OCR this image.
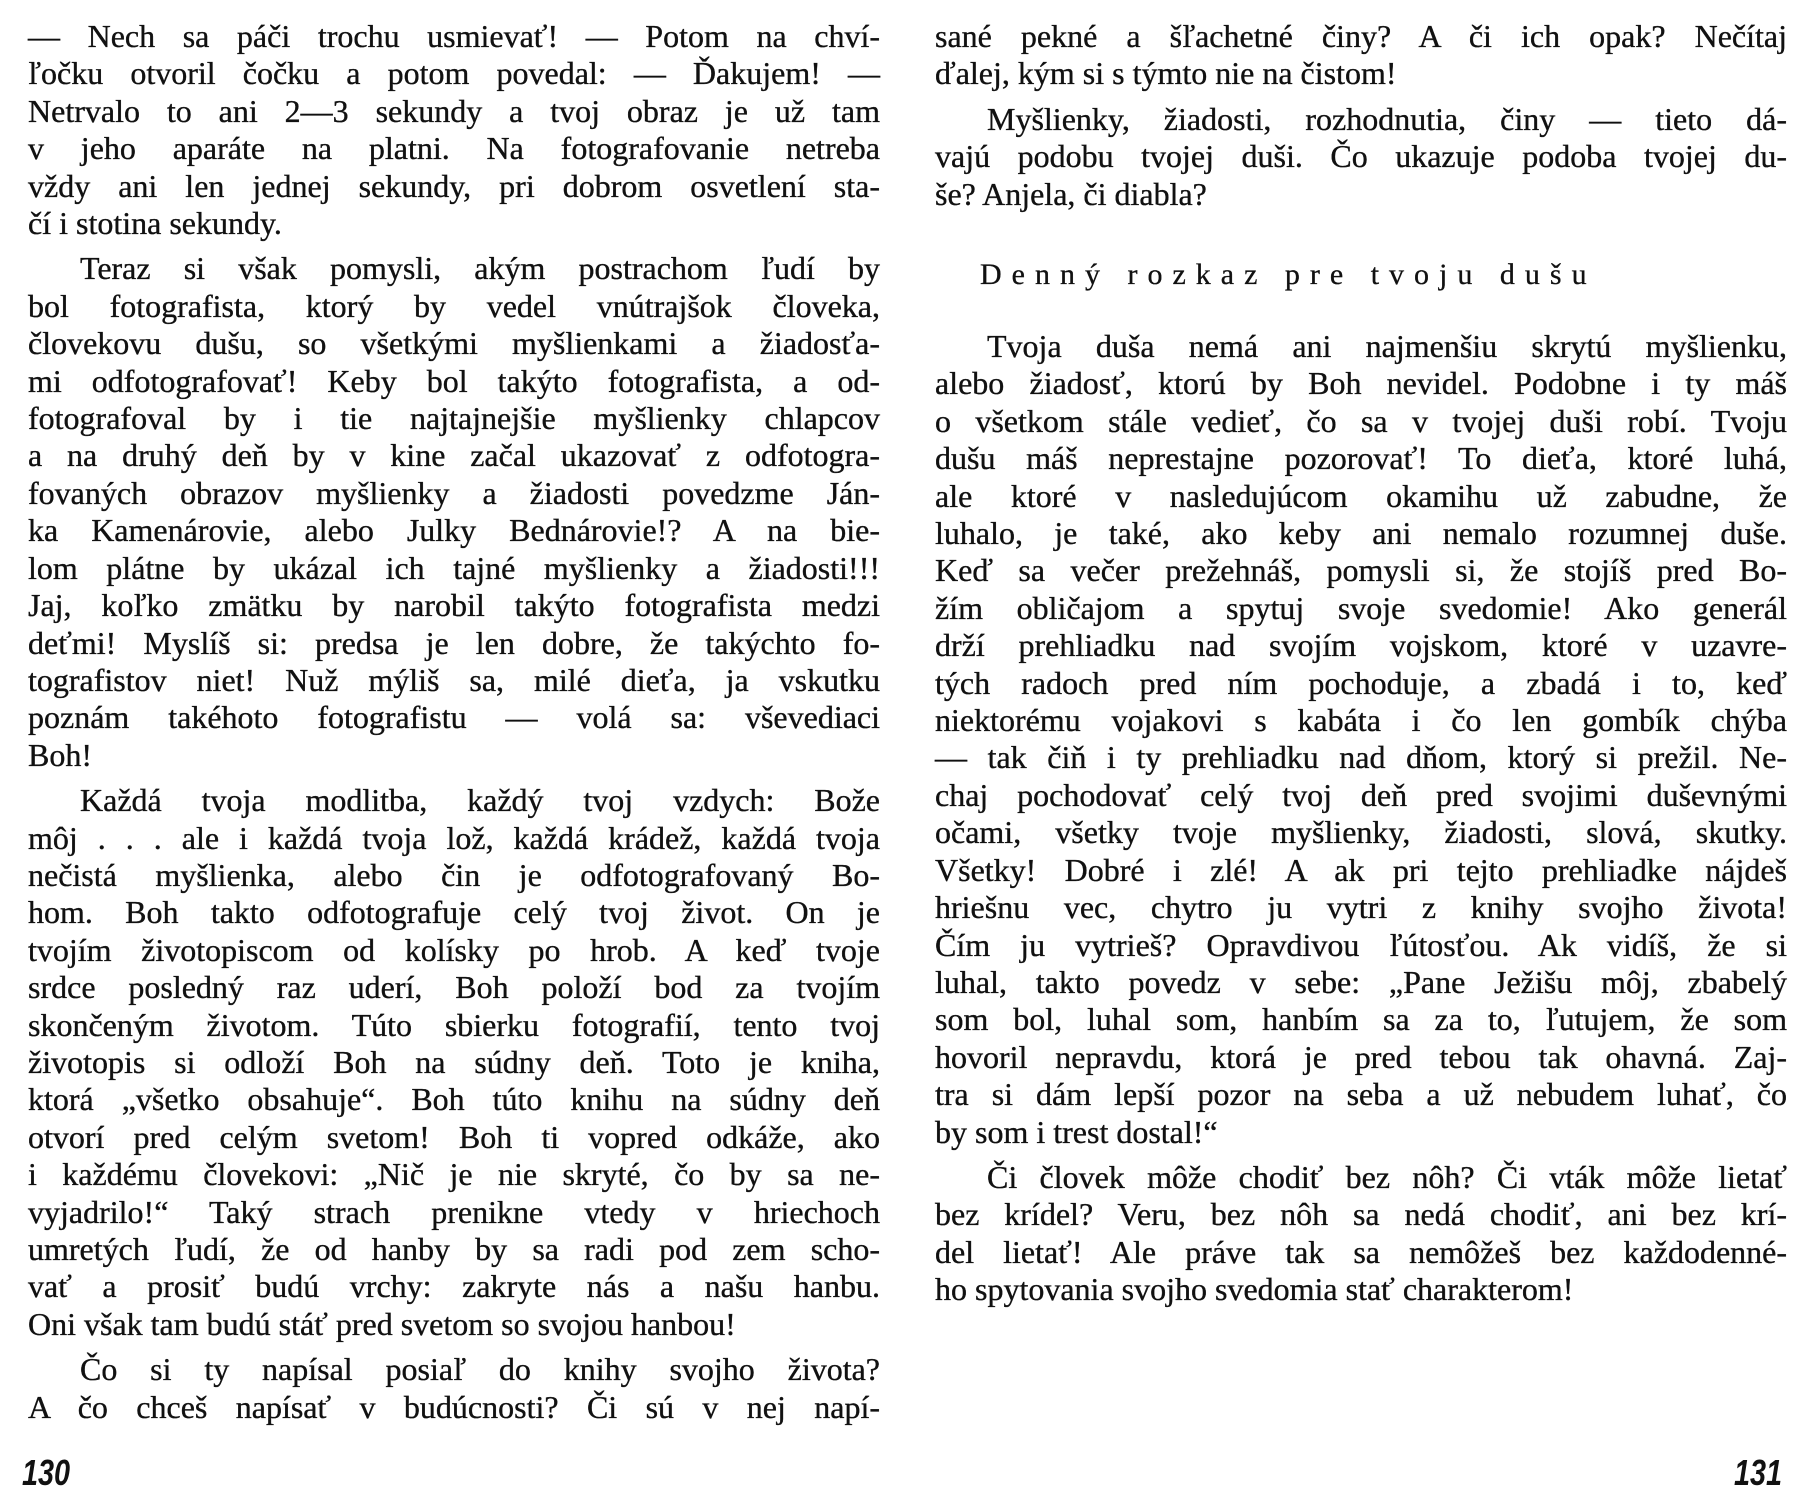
— Nech sa páči trochu usmievať! — Potom na chví-
ľočku otvoril čočku a potom povedal: — Ďakujem! —
Netrvalo to ani 2—3 sekundy a tvoj obraz je už tam
v jeho aparáte na platni. Na fotografovanie netreba
vždy ani len jednej sekundy, pri dobrom osvetlení sta-
čí i stotina sekundy.
Teraz si však pomysli, akým postrachom ľudí by
bol fotografista, ktorý by vedel vnútrajšok človeka,
človekovu dušu, so všetkými myšlienkami a žiadosťa-
mi odfotografovať! Keby bol takýto fotografista, a od-
fotografoval by i tie najtajnejšie myšlienky chlapcov
a na druhý deň by v kine začal ukazovať z odfotogra-
fovaných obrazov myšlienky a žiadosti povedzme Ján-
ka Kamenárovie, alebo Julky Bednárovie!? A na bie-
lom plátne by ukázal ich tajné myšlienky a žiadosti!!!
Jaj, koľko zmätku by narobil takýto fotografista medzi
deťmi! Myslíš si: predsa je len dobre, že takýchto fo-
tografistov niet! Nuž mýliš sa, milé dieťa, ja vskutku
poznám takéhoto fotografistu — volá sa: vševediaci
Boh!
Každá tvoja modlitba, každý tvoj vzdych: Bože
môj . . . ale i každá tvoja lož, každá krádež, každá tvoja
nečistá myšlienka, alebo čin je odfotografovaný Bo-
hom. Boh takto odfotografuje celý tvoj život. On je
tvojím životopiscom od kolísky po hrob. A keď tvoje
srdce posledný raz uderí, Boh položí bod za tvojím
skončeným životom. Túto sbierku fotografií, tento tvoj
životopis si odloží Boh na súdny deň. Toto je kniha,
ktorá „všetko obsahuje“. Boh túto knihu na súdny deň
otvorí pred celým svetom! Boh ti vopred odkáže, ako
i každému človekovi: „Nič je nie skryté, čo by sa ne-
vyjadrilo!“ Taký strach prenikne vtedy v hriechoch
umretých ľudí, že od hanby by sa radi pod zem scho-
vať a prosiť budú vrchy: zakryte nás a našu hanbu.
Oni však tam budú stáť pred svetom so svojou hanbou!
Čo si ty napísal posiaľ do knihy svojho života?
A čo chceš napísať v budúcnosti? Či sú v nej napí-
sané pekné a šľachetné činy? A či ich opak? Nečítaj
ďalej, kým si s týmto nie na čistom!
Myšlienky, žiadosti, rozhodnutia, činy — tieto dá-
vajú podobu tvojej duši. Čo ukazuje podoba tvojej du-
še? Anjela, či diabla?
Denný rozkaz pre tvoju dušu
Tvoja duša nemá ani najmenšiu skrytú myšlienku,
alebo žiadosť, ktorú by Boh nevidel. Podobne i ty máš
o všetkom stále vedieť, čo sa v tvojej duši robí. Tvoju
dušu máš neprestajne pozorovať! To dieťa, ktoré luhá,
ale ktoré v nasledujúcom okamihu už zabudne, že
luhalo, je také, ako keby ani nemalo rozumnej duše.
Keď sa večer prežehnáš, pomysli si, že stojíš pred Bo-
žím obličajom a spytuj svoje svedomie! Ako generál
drží prehliadku nad svojím vojskom, ktoré v uzavre-
tých radoch pred ním pochoduje, a zbadá i to, keď
niektorému vojakovi s kabáta i čo len gombík chýba
— tak čiň i ty prehliadku nad dňom, ktorý si prežil. Ne-
chaj pochodovať celý tvoj deň pred svojimi duševnými
očami, všetky tvoje myšlienky, žiadosti, slová, skutky.
Všetky! Dobré i zlé! A ak pri tejto prehliadke nájdeš
hriešnu vec, chytro ju vytri z knihy svojho života!
Čím ju vytrieš? Opravdivou ľútosťou. Ak vidíš, že si
luhal, takto povedz v sebe: „Pane Ježišu môj, zbabelý
som bol, luhal som, hanbím sa za to, ľutujem, že som
hovoril nepravdu, ktorá je pred tebou tak ohavná. Zaj-
tra si dám lepší pozor na seba a už nebudem luhať, čo
by som i trest dostal!“
Či človek môže chodiť bez nôh? Či vták môže lietať
bez krídel? Veru, bez nôh sa nedá chodiť, ani bez krí-
del lietať! Ale práve tak sa nemôžeš bez každodenné-
ho spytovania svojho svedomia stať charakterom!
130	131
